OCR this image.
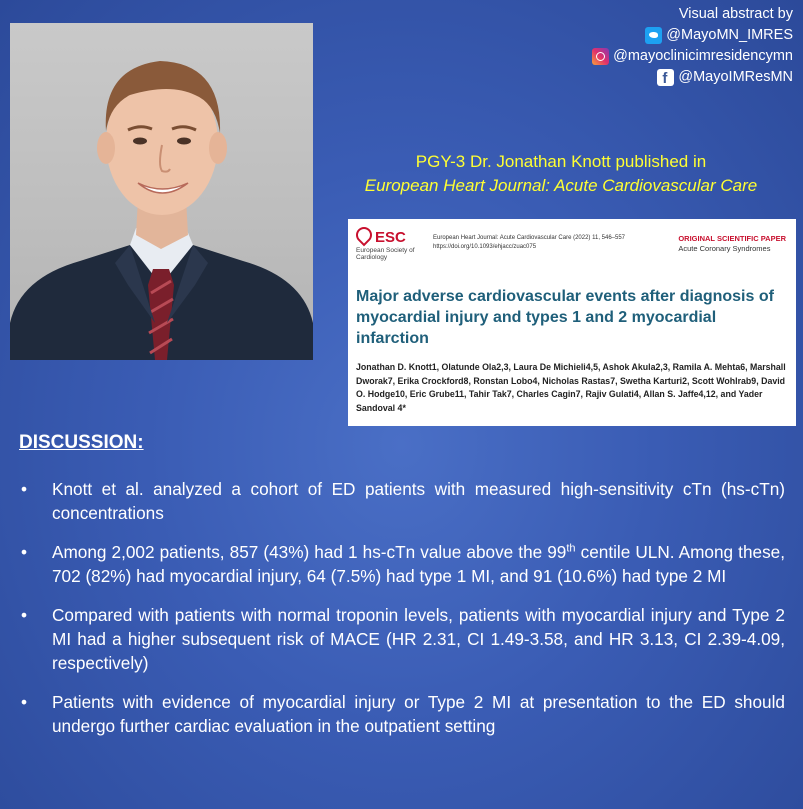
Visual abstract by
@MayoMN_IMRES
@mayoclinicimresidencymn
f
@MayoIMResMN
PGY-3 Dr. Jonathan Knott published in
European Heart Journal: Acute Cardiovascular Care
ESC
European Society of Cardiology
European Heart Journal: Acute Cardiovascular Care (2022) 11, 546–557
https://doi.org/10.1093/ehjacc/zuac075
ORIGINAL SCIENTIFIC PAPER
Acute Coronary Syndromes
Major adverse cardiovascular events after diagnosis of myocardial injury and types 1 and 2 myocardial infarction
Jonathan D. Knott1, Olatunde Ola2,3, Laura De Michieli4,5, Ashok Akula2,3, Ramila A. Mehta6, Marshall Dworak7, Erika Crockford8, Ronstan Lobo4, Nicholas Rastas7, Swetha Karturi2, Scott Wohlrab9, David O. Hodge10, Eric Grube11, Tahir Tak7, Charles Cagin7, Rajiv Gulati4, Allan S. Jaffe4,12, and Yader Sandoval 4*
DISCUSSION:
• Knott et al. analyzed a cohort of ED patients with measured high-sensitivity cTn (hs-cTn) concentrations
• Among 2,002 patients, 857 (43%) had 1 hs-cTn value above the 99th centile ULN. Among these, 702 (82%) had myocardial injury, 64 (7.5%) had type 1 MI, and 91 (10.6%) had type 2 MI
• Compared with patients with normal troponin levels, patients with myocardial injury and Type 2 MI had a higher subsequent risk of MACE (HR 2.31, CI 1.49-3.58, and HR 3.13, CI 2.39-4.09, respectively)
• Patients with evidence of myocardial injury or Type 2 MI at presentation to the ED should undergo further cardiac evaluation in the outpatient setting
